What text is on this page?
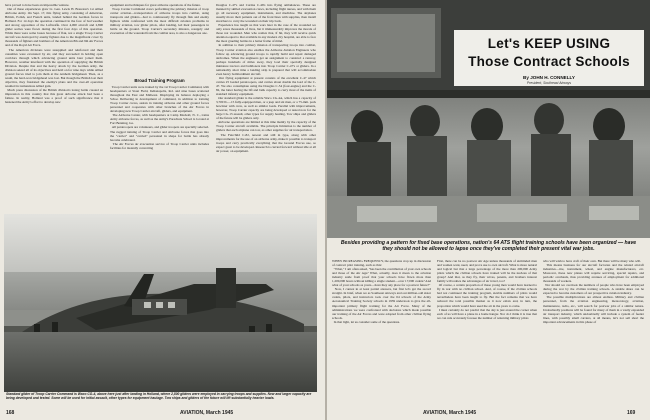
have proved to have been an impossible venture.
Out of these experiences grew Lt. Gen. Lewis H. Brereton's 1st Allied Airborne Army. On Sept. 17, this flying army, consisting of American, British, Polish, and French units, landed behind the German forces in Holland. For 14 days the operation continued in the face of bad weather and strong opposition of the Luftwaffe. Over 4,000 aircraft and 2,800 glider sorties were flown during the first four days of this operation. While there were some losses because of flak, not a single Troop Carrier aircraft was destroyed by enemy fighters due to the magnificent cover by thousands of fighters and bombers of the American 8th and 9th Air Forces and of the Royal Air Force.
The American divisions were resupplied and reinforced and their casualties were evacuated by air, and they succeeded in holding open corridors through which advancing ground units later joined them. However, weather interfered with the operation of supplying the British Division. Despite that and the heavy attack by the German army, the division seized all of its objectives and held on for nine days while Allied ground forces tried to join them at the Arnhem bridgehead. Then, as a result, the hard-won bridgehead was lost. But though the British lost their objective, they frustrated the enemy's plans and the over-all operation resulted in tremendous Allied gain.
Much press discussion of the British division's losing battle created an impression in this country that this great airborne attack had been a failure. In reality, Holland was a proof of such significance that it hastened the Army's effort to develop new
equipment and techniques for great airborne operations of the future.
Troop Carrier Command crews performing the primary mission of troop carrier aviation—transportation of airborne troops into combat, using transports and gliders—had to continuously fly through flak and enemy fighters while confronted with the most difficult aviation problems in military aviation, tow glider pilots, after landing, led their passengers in battle on the ground. Troop Carrier's secondary mission, resupply and evacuation of the wounded from the combat area, is also a dangerous one.
Broad Training Program
Troop Carrier units were trained by the 1st Troop Carrier Command, with headquarters at Stout Field, Indianapolis, Ind. and nine bases scattered throughout the East and Midwest. Displaying its balance deploying a Schoo Delivering in development of command, in addition to training Troop Carrier crews, assists in training airborne and other ground forces personnel and cooperates with other branches of the Air Forces in developing new Troop Carrier aircraft, gliders, and equipment.
The Airborne Center, with headquarters at Camp Mackall, N. C., trains Army airborne forces, as well as the Army's Parachute School is located at Fort Benning, Ga.
All paratroopers are volunteers, and glider troopers are specially selected. The rugged training of Troop Carrier and Airborne forces that goes into the "carrier" and "carried" personnel in shape for battle has already become celebrated.
The Air Forces air evacuation service of Troop Carrier units includes facilities for instantly converting
Douglas C-47's and Curtiss C-46's into flying ambulances. These are manned by skilled evacuation crews, including flight nurses, and with them go all necessary equipment, instruments, and medicine. The airplanes usually move their patients out of the front lines with supplies, then install stretchers to carry the wounded on their trip back.
Experience has taught us that wars later in the case of the wounded we only saves thousands of lives, but it immeasurably improves the morale of those not wounded. Men who realize that, if hit, they will receive quick attention equal to that available in any modern city hospital, are able to face the most grueling battles in a better frame of mind.
In addition to their primary mission of transporting troops into combat, Troop Carrier aviation also enables the Airborne Aviation Engineers who follow up advancing ground troops to rapidly build and repair damaged airdromes. When the engineers get an assignment to construct a runway, perhaps hundreds of miles away, they load their specially designed miniature tractors and bulldozers into Troop Carrier C-47's or gliders. In a remarkably short time a landing strip is prepared that will accommodate even heavy bombardment aircraft.
Our flying equipment at present consists of the excellent C-47 which carries 25 loaded paratroopers, and carries about double the load of the C-47. We also contemplate using the Douglas C-54 (four-engine) and the C-82, the latter having the lift and bulk capacity to carry most of the items of standard infantry equipment.
Our standard glider is the reliable Waco CG-4A, which has a capacity of 3,700 lb.—15 fully-equipped men, or a jeep and six men, or a 75-mm. pack howitzer with crew, as well as similar loads. Parallel with improvements, however, Troop Carrier capacity are being developed or tested now for the large CG-13 assault, other types for supply hauling, Tow ships and gliders of the future will be gliders only.
Airborne operations are limited at this time mainly by the capacity of the Troop Carrier aircraft available. The principle limitation is the number of gliders that each airplane can tow, as other supplies for air transportation.
The Fairchild C-82, newest and still in type, along with other improvements for the use of an airborne army, make it possible to transport troops and carry practically everything that the Ground Forces use, so expect great to be developed. Research is carried forward without idle at all air power, on equipment.
Standard glider of Troop Carrier Command is Waco CG-4, above here just after landing in Holland, where 2,800 gliders were employed in carrying troops and supplies. New and larger capacity are being developed and tested. Some will be used for initial assault, other types for equipment haulage. Tow ships and gliders of the future will lift substantially heavier loads.
168	AVIATION, March 1945
Let's KEEP USING
Those Contract Schools
By JOHN H. CONNELLY
President, Southeast Airways
Besides providing a pattern for fixed base operations, nation's 64 ATS flight training schools have been organized — have they should not be allowed to lapse once they've completed their present vital war jobs.
WHEN INCREASING FREQUENCY, the questions crop up in discussion of contract pilot training, such as this:
"What," I am often asked, "has been the contribution of your own schools and those of the Air Age? What, actually, does it mean to the aviation industry aside from proof that your schools have flown more than 1,200,000 hours without killing a single student—over 17,000 cadets? And what of your schools as yours—have they any place for a postwar future?"
Now, I cannot in at least partial answers, but first let's get the record straight. In brief, when we as Southeast Airways and our million-odd sister cadets, pilots, and instructors took over the 64 schools of the Army Aeronautical Training Society schools in 1939 undertook to give the all-important primary flight training for the Air Force. Many of the administrations we were confronted with decisions which made possible our training of the Air Forces and were adopted from other civilian flying schools.
In that light, let us consider some of the questions.
First, there can be no postwar Air Age unless thousands of airminded men and women want, need, and prove use to own aircraft. What is more natural and logical but that a large percentage of the more than 200,000 Army pilots which the civilian schools have trained will be the nucleus of that group? And that, as they fly, their wives, parents, and brothers interest family will realize the advantages of air travel, too?
Of course, a certain proportion of these young men would have learned to fly in war with no civilian school. And, of course, if the civilian schools had not continued the training program, sizable numbers of pilots would nevertheless have been taught to fly. But the fact remains that we have reduced the total possible market as it now exists and, in turn, the proportion which would have used the air in the years to come.
I must certainly do not predict that the day is just around the corner when each of us will have a plane in a home hangar. Nor do I think it is true that we can rule accurately foresee the number of returning military pilots
who will wish to have craft of their own. But there will be many who will.
This means business for our aircraft factories and the related aircraft industries—tire, instrument, wheel, and engine manufacturers, etc. Moreover, these new planes will require servicing, special repairs, and periodic overhauls, thus providing avenues of employment for additional thousands of workers.
Nor should we overlook the numbers of people who have been employed during the war by the civilian training schools. A sizable share can be expected to become customers of our prospective aviation industry.
The possible multiplications are almost endless. Military and civilian personnel, from the aviation engineering, meteorology, aviation, maintenance, radio, etc., will search for postwar jobs of a similar nature. Undoubtedly positions will be found for many of them in a vastly expanded air transport industry, which undoubtedly will include a system of feeder lines, with possibly small carriers, at all means, let's not sell short the important advancements in this phase of
AVIATION, March 1945	169
